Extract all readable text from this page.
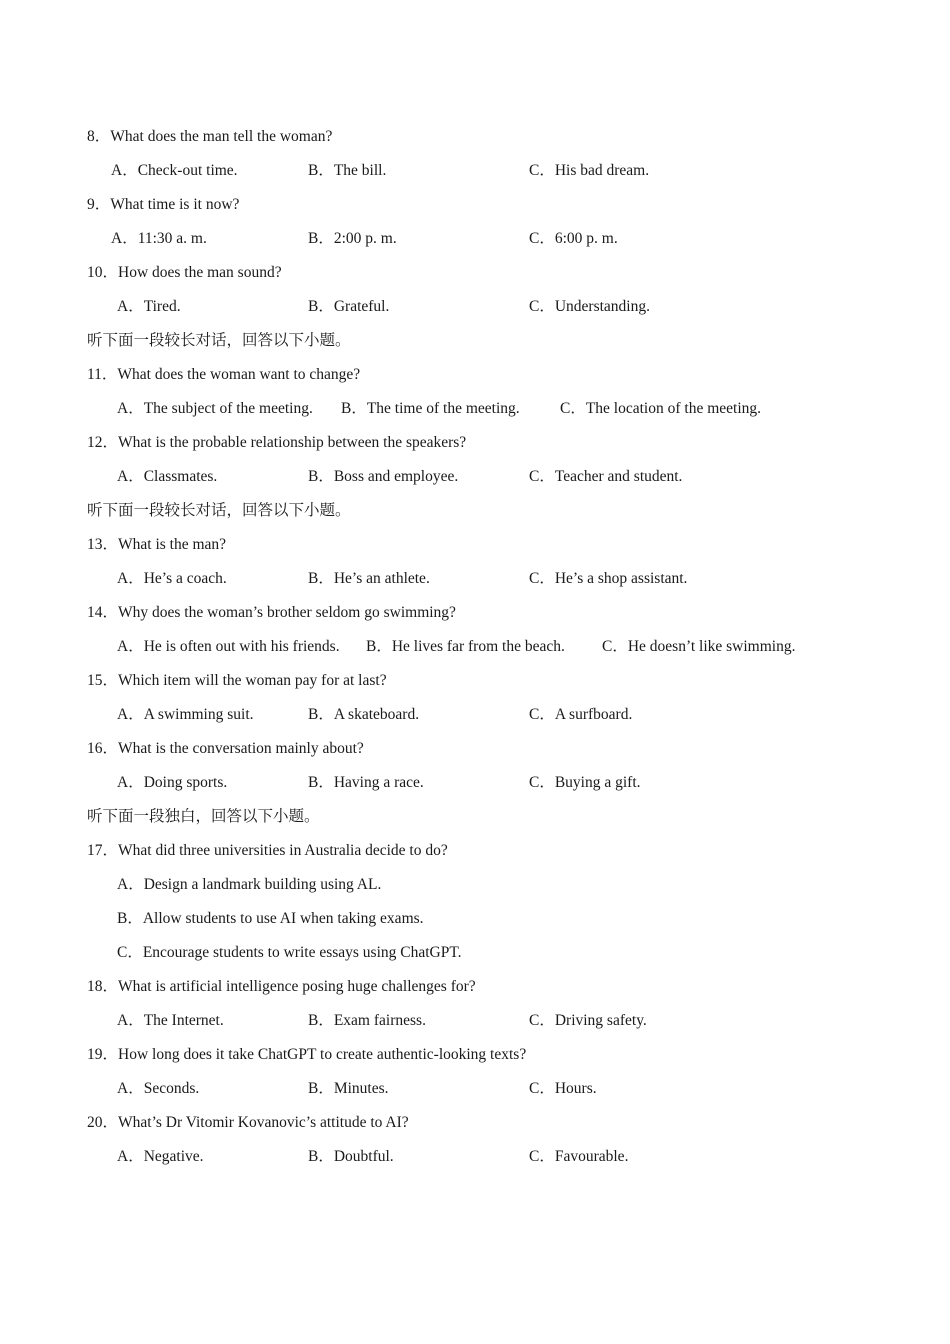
8．What does the man tell the woman?
A．Check-out time.	B．The bill.	C．His bad dream.
9．What time is it now?
A．11:30 a. m.	B．2:00 p. m.	C．6:00 p. m.
10．How does the man sound?
A．Tired.	B．Grateful.	C．Understanding.
听下面一段较长对话，回答以下小题。
11．What does the woman want to change?
A．The subject of the meeting. B．The time of the meeting.	C．The location of the meeting.
12．What is the probable relationship between the speakers?
A．Classmates.	B．Boss and employee.	C．Teacher and student.
听下面一段较长对话，回答以下小题。
13．What is the man?
A．He’s a coach.	B．He’s an athlete.	C．He’s a shop assistant.
14．Why does the woman’s brother seldom go swimming?
A．He is often out with his friends. B．He lives far from the beach. C．He doesn’t like swimming.
15．Which item will the woman pay for at last?
A．A swimming suit.	B．A skateboard.	C．A surfboard.
16．What is the conversation mainly about?
A．Doing sports.	B．Having a race.	C．Buying a gift.
听下面一段独白，回答以下小题。
17．What did three universities in Australia decide to do?
A．Design a landmark building using AL.
B．Allow students to use AI when taking exams.
C．Encourage students to write essays using ChatGPT.
18．What is artificial intelligence posing huge challenges for?
A．The Internet.	B．Exam fairness.	C．Driving safety.
19．How long does it take ChatGPT to create authentic-looking texts?
A．Seconds.	B．Minutes.	C．Hours.
20．What’s Dr Vitomir Kovanovic’s attitude to AI?
A．Negative.	B．Doubtful.	C．Favourable.
